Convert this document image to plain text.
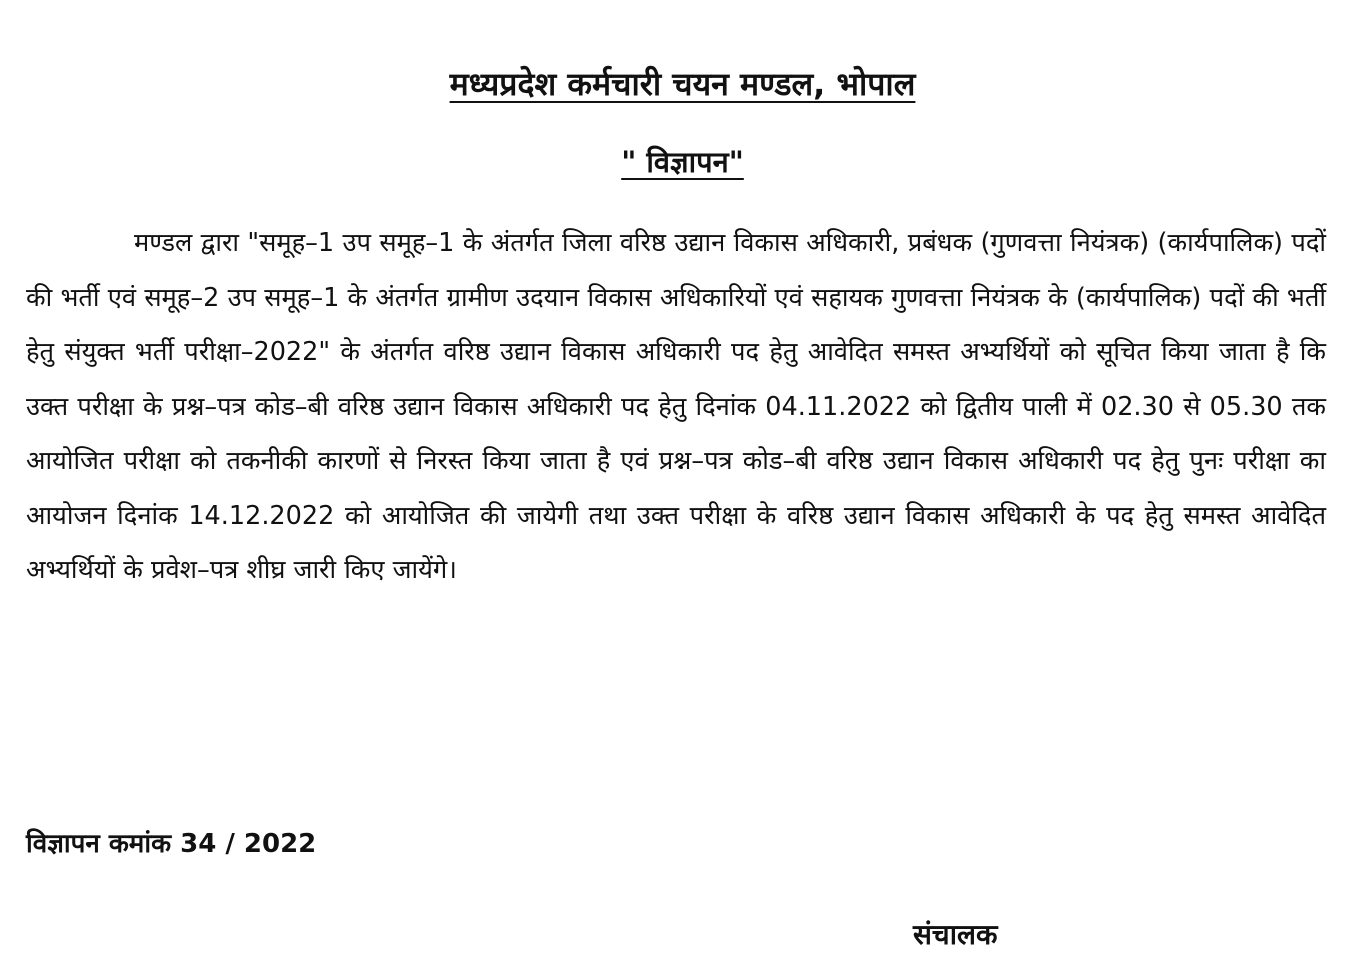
मध्यप्रदेश कर्मचारी चयन मण्डल, भोपाल
" विज्ञापन"

मण्डल द्वारा "समूह–1 उप समूह–1 के अंतर्गत जिला वरिष्ठ उद्यान विकास अधिकारी, प्रबंधक (गुणवत्ता नियंत्रक) (कार्यपालिक) पदों की भर्ती एवं समूह–2 उप समूह–1 के अंतर्गत ग्रामीण उदयान विकास अधिकारियों एवं सहायक गुणवत्ता नियंत्रक के (कार्यपालिक) पदों की भर्ती हेतु संयुक्त भर्ती परीक्षा–2022" के अंतर्गत वरिष्ठ उद्यान विकास अधिकारी पद हेतु आवेदित समस्त अभ्यर्थियों को सूचित किया जाता है कि उक्त परीक्षा के प्रश्न–पत्र कोड–बी वरिष्ठ उद्यान विकास अधिकारी पद हेतु दिनांक 04.11.2022 को द्वितीय पाली में 02.30 से 05.30 तक आयोजित परीक्षा को तकनीकी कारणों से निरस्त किया जाता है एवं प्रश्न–पत्र कोड–बी वरिष्ठ उद्यान विकास अधिकारी पद हेतु पुनः परीक्षा का आयोजन दिनांक 14.12.2022 को आयोजित की जायेगी तथा उक्त परीक्षा के वरिष्ठ उद्यान विकास अधिकारी के पद हेतु समस्त आवेदित अभ्यर्थियों के प्रवेश–पत्र शीघ्र जारी किए जायेंगे।

विज्ञापन कमांक 34 / 2022
संचालक
